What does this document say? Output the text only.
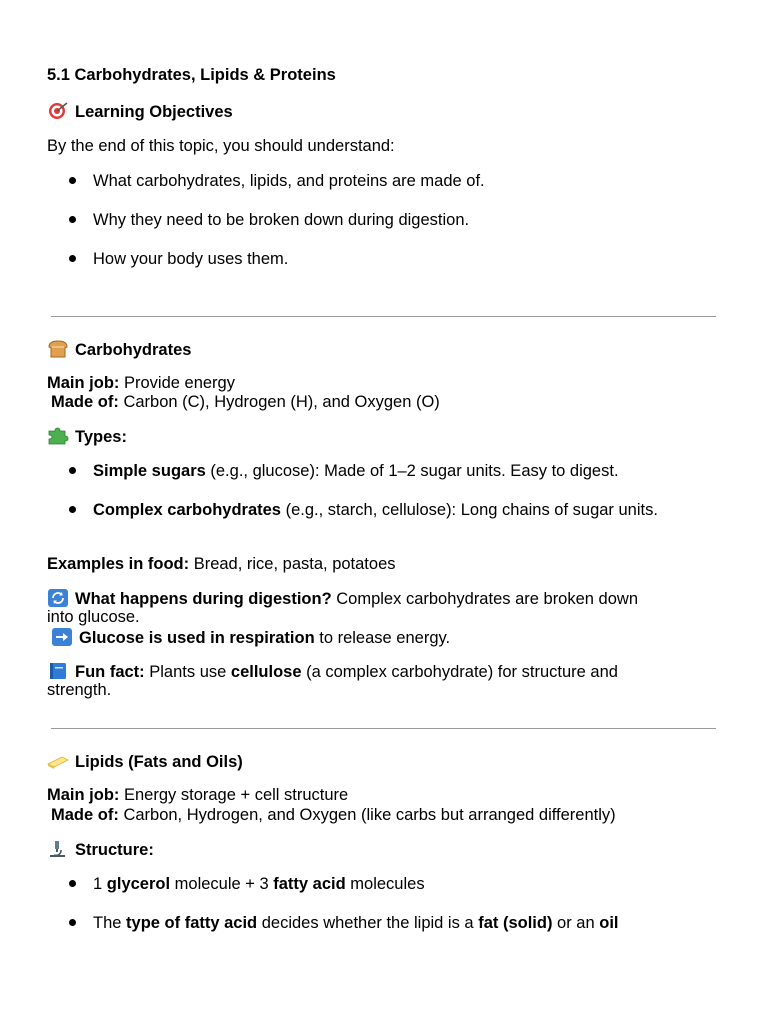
5.1 Carbohydrates, Lipids & Proteins
Learning Objectives
By the end of this topic, you should understand:
What carbohydrates, lipids, and proteins are made of.
Why they need to be broken down during digestion.
How your body uses them.
Carbohydrates
Main job: Provide energy
Made of: Carbon (C), Hydrogen (H), and Oxygen (O)
Types:
Simple sugars (e.g., glucose): Made of 1–2 sugar units. Easy to digest.
Complex carbohydrates (e.g., starch, cellulose): Long chains of sugar units.
Examples in food: Bread, rice, pasta, potatoes
What happens during digestion? Complex carbohydrates are broken down
into glucose.
Glucose is used in respiration to release energy.
Fun fact: Plants use cellulose (a complex carbohydrate) for structure and
strength.
Lipids (Fats and Oils)
Main job: Energy storage + cell structure
Made of: Carbon, Hydrogen, and Oxygen (like carbs but arranged differently)
Structure:
1 glycerol molecule + 3 fatty acid molecules
The type of fatty acid decides whether the lipid is a fat (solid) or an oil
